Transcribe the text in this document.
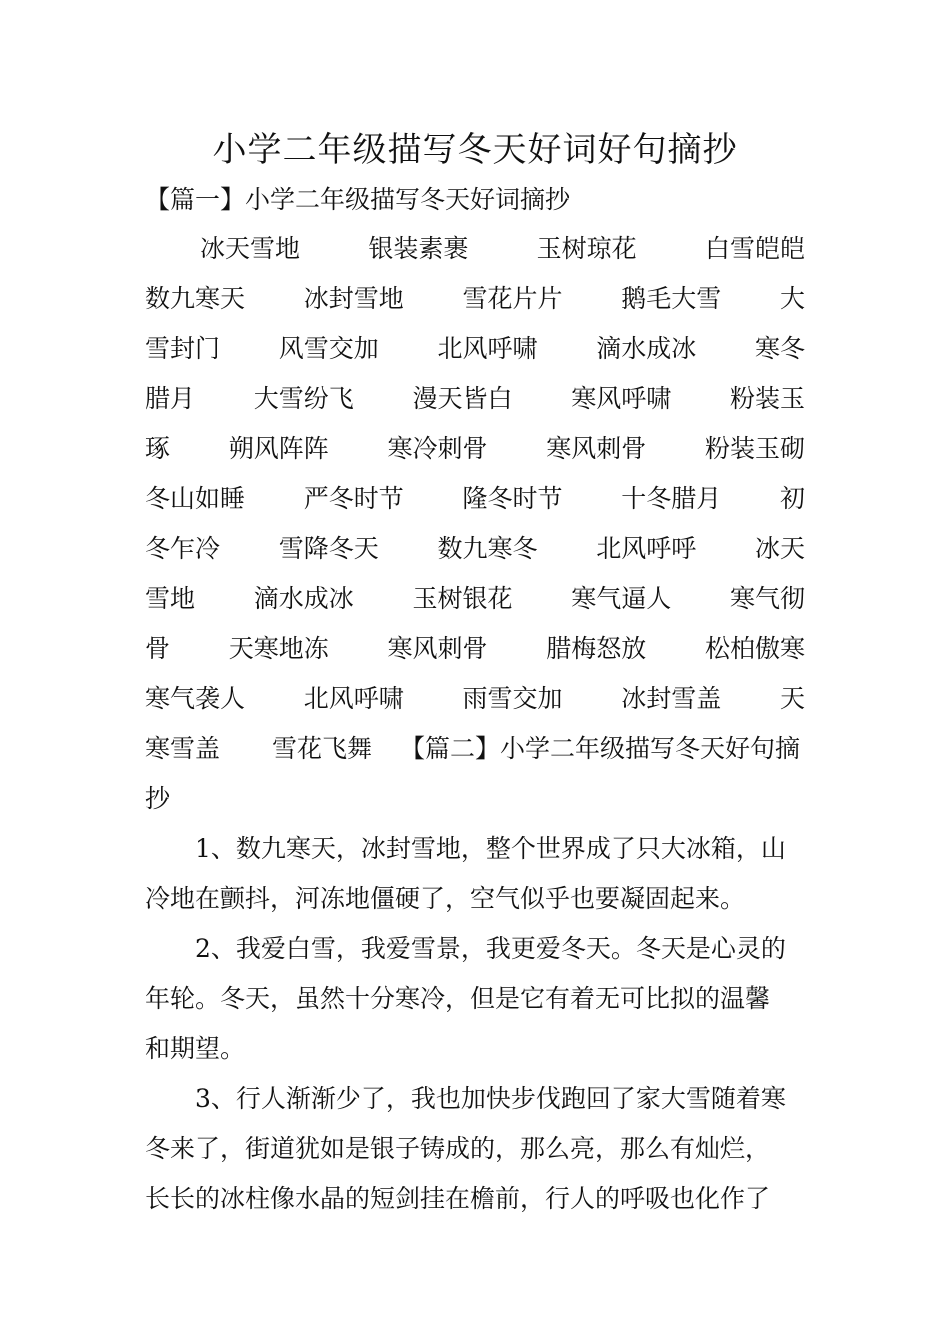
小学二年级描写冬天好词好句摘抄
【篇一】小学二年级描写冬天好词摘抄
冰天雪地	银装素裹	玉树琼花	白雪皑皑
数九寒天 冰封雪地 雪花片片 鹅毛大雪 大
雪封门 风雪交加 北风呼啸 滴水成冰 寒冬
腊月 大雪纷飞 漫天皆白 寒风呼啸 粉装玉
琢 朔风阵阵 寒冷刺骨 寒风刺骨 粉装玉砌
冬山如睡 严冬时节 隆冬时节 十冬腊月 初
冬乍冷 雪降冬天 数九寒冬 北风呼呼 冰天
雪地 滴水成冰 玉树银花 寒气逼人 寒气彻
骨 天寒地冻 寒风刺骨 腊梅怒放 松柏傲寒
寒气袭人 北风呼啸 雨雪交加 冰封雪盖 天
寒雪盖 雪花飞舞 【篇二】小学二年级描写冬天好句摘
抄
1、数九寒天，冰封雪地，整个世界成了只大冰箱，山
冷地在颤抖，河冻地僵硬了，空气似乎也要凝固起来。
2、我爱白雪，我爱雪景，我更爱冬天。冬天是心灵的
年轮。冬天，虽然十分寒冷，但是它有着无可比拟的温馨
和期望。
3、行人渐渐少了，我也加快步伐跑回了家大雪随着寒
冬来了，街道犹如是银子铸成的，那么亮，那么有灿烂，
长长的冰柱像水晶的短剑挂在檐前，行人的呼吸也化作了
